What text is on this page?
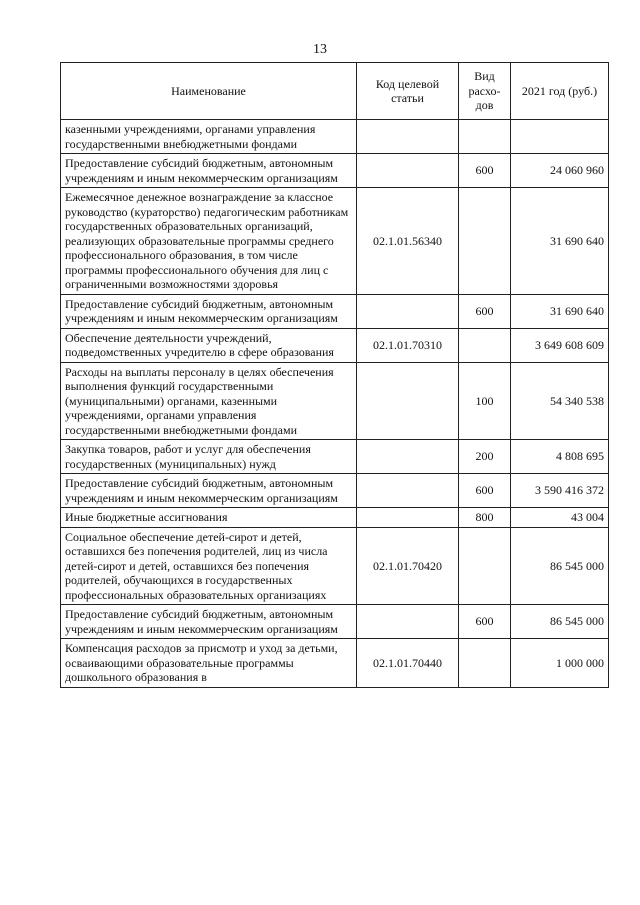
13
Наименование	Код целевой статьи	Вид расхо-дов	2021 год (руб.)
казенными учреждениями, органами управления государственными внебюджетными фондами			
Предоставление субсидий бюджетным, автономным учреждениям и иным некоммерческим организациям		600	24 060 960
Ежемесячное денежное вознаграждение за классное руководство (кураторство) педагогическим работникам государственных образовательных организаций, реализующих образовательные программы среднего профессионального образования, в том числе программы профессионального обучения для лиц с ограниченными возможностями здоровья	02.1.01.56340		31 690 640
Предоставление субсидий бюджетным, автономным учреждениям и иным некоммерческим организациям		600	31 690 640
Обеспечение деятельности учреждений, подведомственных учредителю в сфере образования	02.1.01.70310		3 649 608 609
Расходы на выплаты персоналу в целях обеспечения выполнения функций государственными (муниципальными) органами, казенными учреждениями, органами управления государственными внебюджетными фондами		100	54 340 538
Закупка товаров, работ и услуг для обеспечения государственных (муниципальных) нужд		200	4 808 695
Предоставление субсидий бюджетным, автономным учреждениям и иным некоммерческим организациям		600	3 590 416 372
Иные бюджетные ассигнования		800	43 004
Социальное обеспечение детей-сирот и детей, оставшихся без попечения родителей, лиц из числа детей-сирот и детей, оставшихся без попечения родителей, обучающихся в государственных профессиональных образовательных организациях	02.1.01.70420		86 545 000
Предоставление субсидий бюджетным, автономным учреждениям и иным некоммерческим организациям		600	86 545 000
Компенсация расходов за присмотр и уход за детьми, осваивающими образовательные программы дошкольного образования в	02.1.01.70440		1 000 000
